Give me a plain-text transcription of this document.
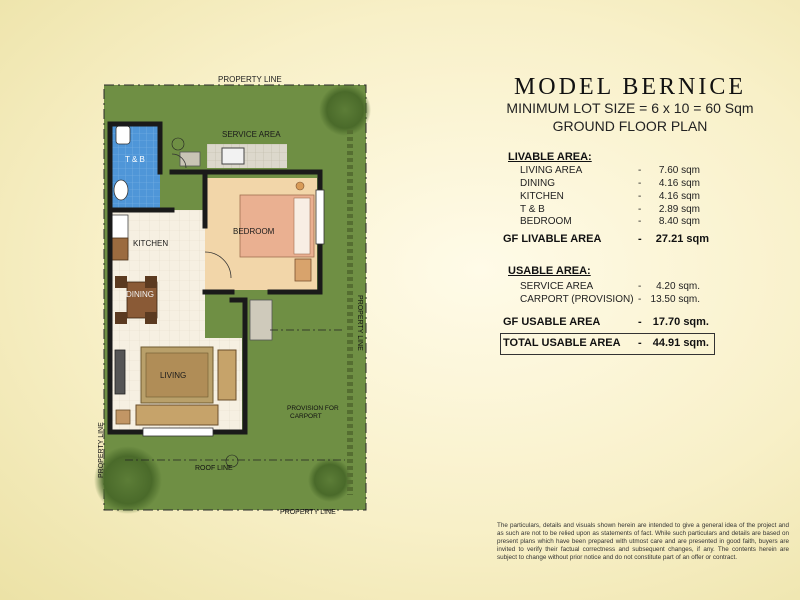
PROPERTY LINE
SERVICE AREA
T & B
KITCHEN
BEDROOM
DINING
LIVING
PROVISION FOR
CARPORT
ROOF LINE
PROPERTY LINE
PROPERTY LINE
PROPERTY LINE
MODEL BERNICE
MINIMUM LOT SIZE = 6 x 10 = 60 Sqm
GROUND FLOOR PLAN
LIVABLE AREA:
LIVING AREA	- 7.60 sqm
DINING	- 4.16 sqm
KITCHEN	- 4.16 sqm
T & B	- 2.89 sqm
BEDROOM	- 8.40 sqm
GF LIVABLE AREA	- 27.21 sqm
USABLE AREA:
SERVICE AREA	- 4.20 sqm.
CARPORT (PROVISION) - 13.50 sqm.
GF USABLE AREA	- 17.70 sqm.
TOTAL USABLE AREA - 44.91 sqm.
The particulars, details and visuals shown herein are intended to give a general idea of the project and as such are not to be relied upon as statements of fact. While such particulars and details are based on present plans which have been prepared with utmost care and are presented in good faith, buyers are invited to verify their factual correctness and subsequent changes, if any. The contents herein are subject to change without prior notice and do not constitute part of an offer or contract.
